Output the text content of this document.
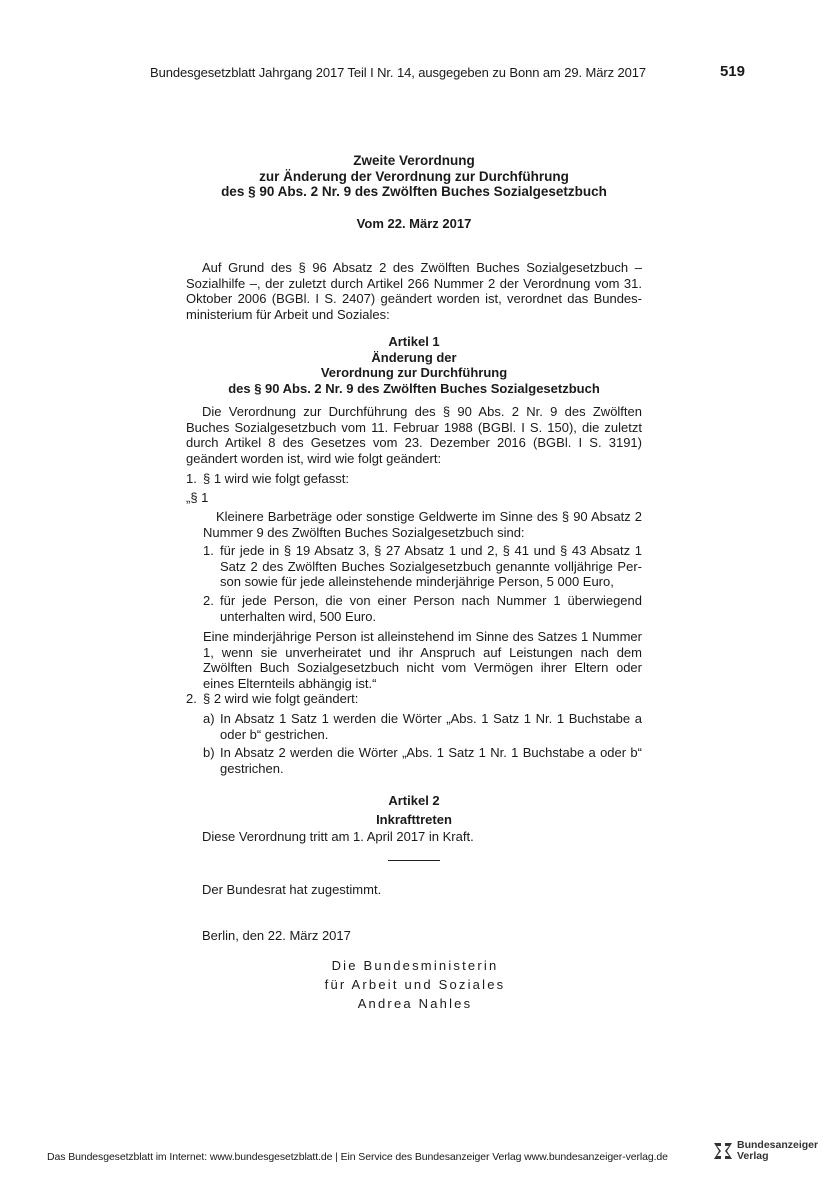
Bundesgesetzblatt Jahrgang 2017 Teil I Nr. 14, ausgegeben zu Bonn am 29. März 2017	519
Zweite Verordnung
zur Änderung der Verordnung zur Durchführung
des § 90 Abs. 2 Nr. 9 des Zwölften Buches Sozialgesetzbuch
Vom 22. März 2017
Auf Grund des § 96 Absatz 2 des Zwölften Buches Sozialgesetzbuch – Sozialhilfe –, der zuletzt durch Artikel 266 Nummer 2 der Verordnung vom 31. Oktober 2006 (BGBl. I S. 2407) geändert worden ist, verordnet das Bundesministerium für Arbeit und Soziales:
Artikel 1
Änderung der
Verordnung zur Durchführung
des § 90 Abs. 2 Nr. 9 des Zwölften Buches Sozialgesetzbuch
Die Verordnung zur Durchführung des § 90 Abs. 2 Nr. 9 des Zwölften Buches Sozialgesetzbuch vom 11. Februar 1988 (BGBl. I S. 150), die zuletzt durch Artikel 8 des Gesetzes vom 23. Dezember 2016 (BGBl. I S. 3191) geändert worden ist, wird wie folgt geändert:
1. § 1 wird wie folgt gefasst:
„§ 1
Kleinere Barbeträge oder sonstige Geldwerte im Sinne des § 90 Absatz 2 Nummer 9 des Zwölften Buches Sozialgesetzbuch sind:
1. für jede in § 19 Absatz 3, § 27 Absatz 1 und 2, § 41 und § 43 Absatz 1 Satz 2 des Zwölften Buches Sozialgesetzbuch genannte volljährige Person sowie für jede alleinstehende minderjährige Person, 5 000 Euro,
2. für jede Person, die von einer Person nach Nummer 1 überwiegend unterhalten wird, 500 Euro.
Eine minderjährige Person ist alleinstehend im Sinne des Satzes 1 Nummer 1, wenn sie unverheiratet und ihr Anspruch auf Leistungen nach dem Zwölften Buch Sozialgesetzbuch nicht vom Vermögen ihrer Eltern oder eines Elternteils abhängig ist.“
2. § 2 wird wie folgt geändert:
a) In Absatz 1 Satz 1 werden die Wörter „Abs. 1 Satz 1 Nr. 1 Buchstabe a oder b“ gestrichen.
b) In Absatz 2 werden die Wörter „Abs. 1 Satz 1 Nr. 1 Buchstabe a oder b“ gestrichen.
Artikel 2
Inkrafttreten
Diese Verordnung tritt am 1. April 2017 in Kraft.
Der Bundesrat hat zugestimmt.
Berlin, den 22. März 2017
Die Bundesministerin
für Arbeit und Soziales
Andrea Nahles
Das Bundesgesetzblatt im Internet: www.bundesgesetzblatt.de | Ein Service des Bundesanzeiger Verlag www.bundesanzeiger-verlag.de
Bundesanzeiger
Verlag
